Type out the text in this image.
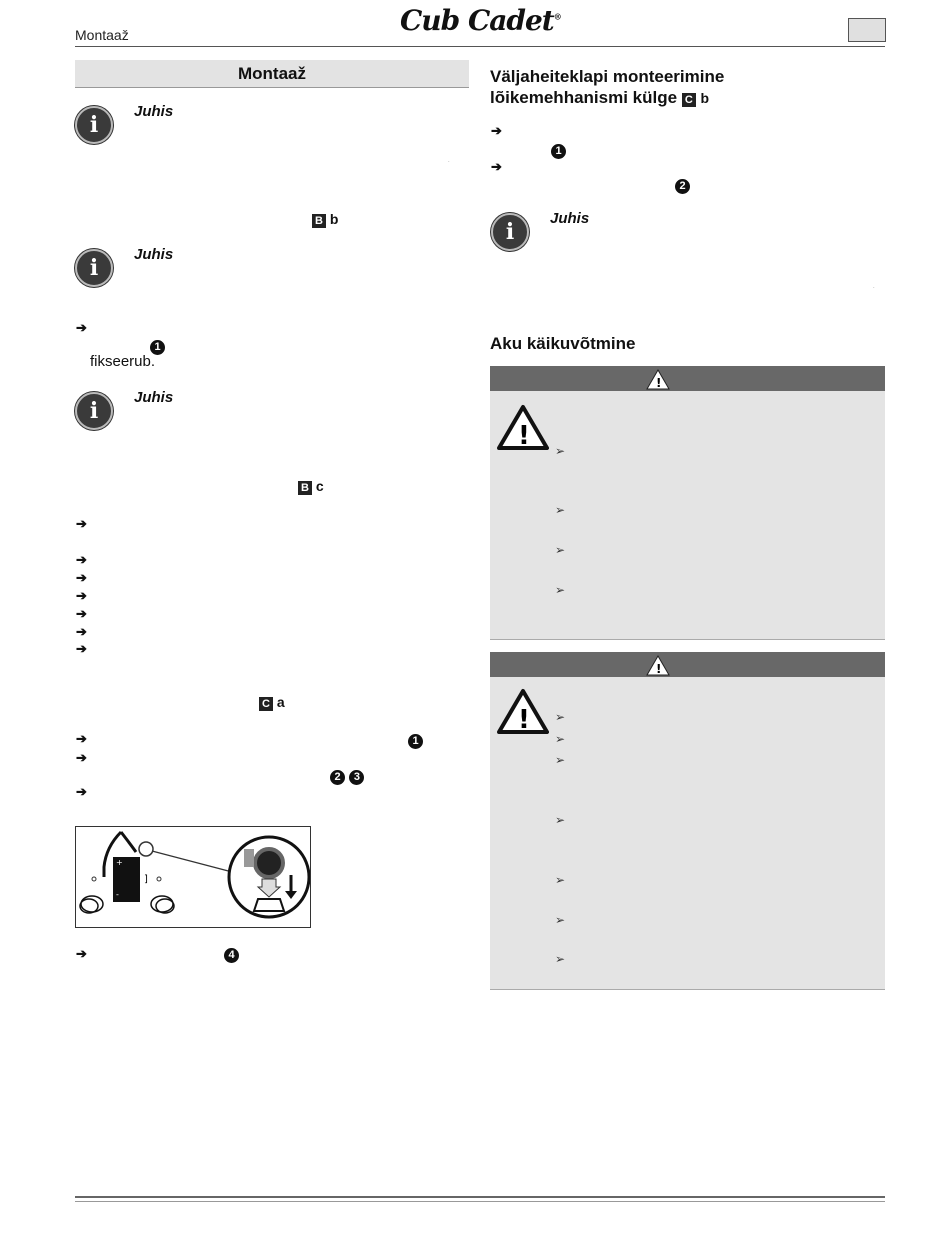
Montaaž	Cub Cadet®
Montaaž
i
Juhis
.
B b
i
Juhis
➔
1
fikseerub.
i
Juhis
B c
➔
➔
➔
➔
➔
➔
➔
C a
➔	1
➔
2 3
➔
+
-
]
➔	4
Väljaheiteklapi monteerimine
lõikemehhanismi külge C b
➔
1
➔
2
i
Juhis
.
Aku käikuvõtmine
!
! ➢
➢
➢
➢
!
! ➢
➢
➢
➢
➢
➢
➢
